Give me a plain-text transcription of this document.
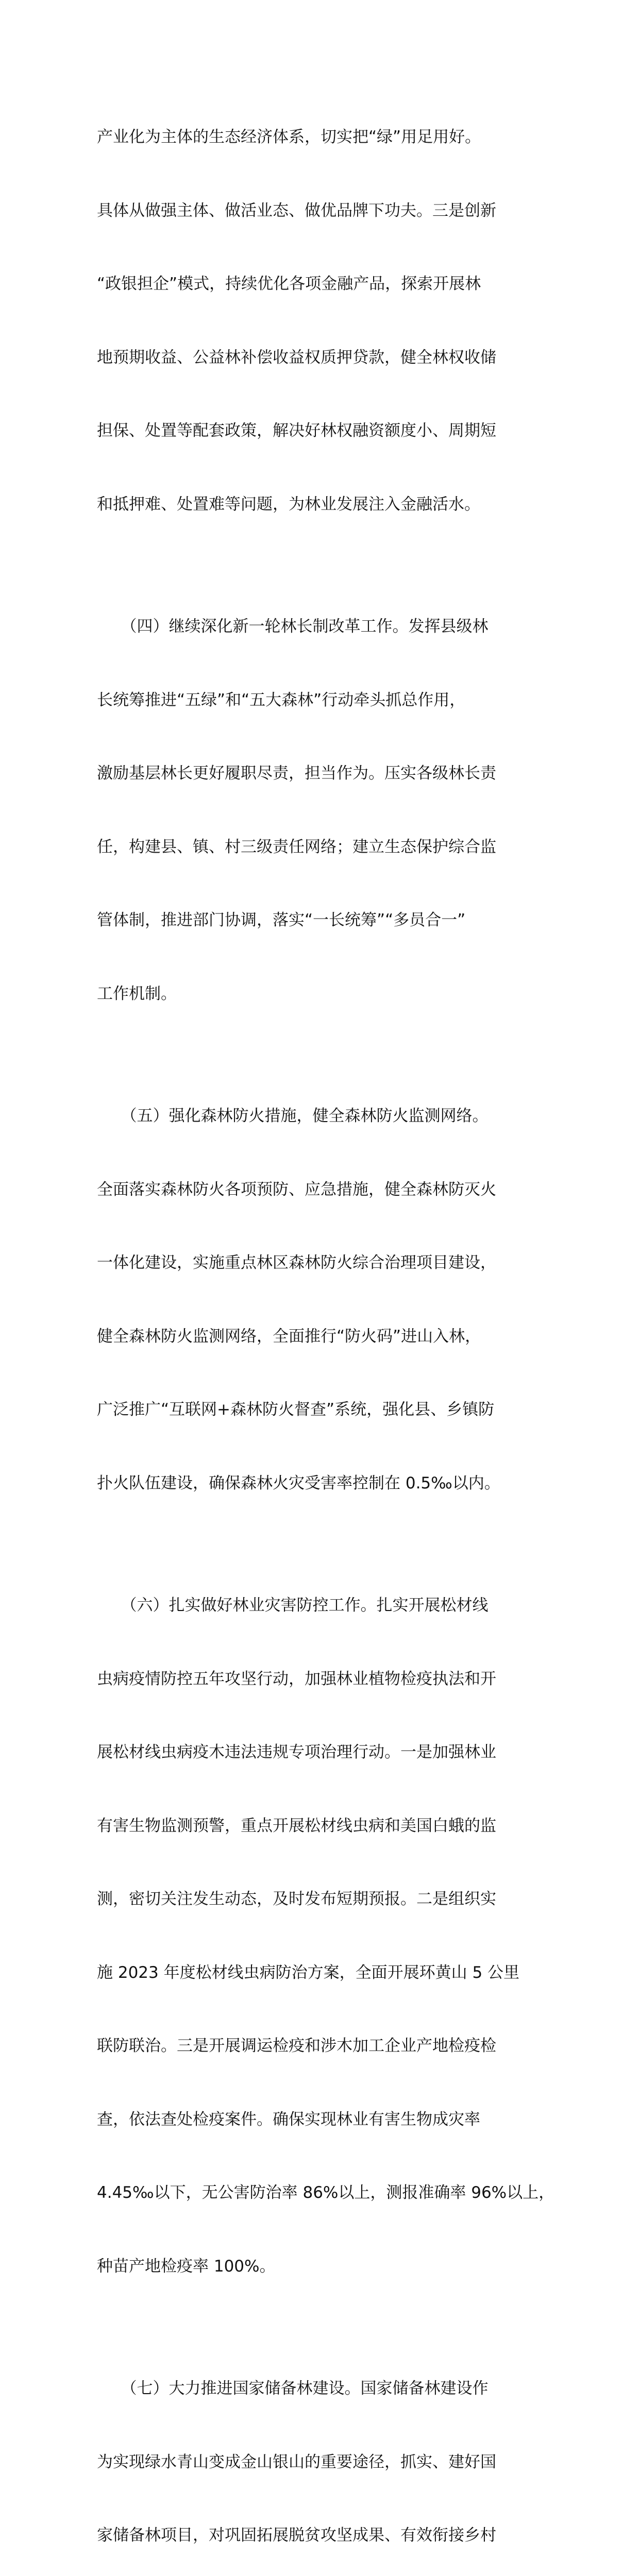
产业化为主体的生态经济体系，切实把“绿”用足用好。

具体从做强主体、做活业态、做优品牌下功夫。三是创新

“政银担企”模式，持续优化各项金融产品，探索开展林

地预期收益、公益林补偿收益权质押贷款，健全林权收储

担保、处置等配套政策，解决好林权融资额度小、周期短

和抵押难、处置难等问题，为林业发展注入金融活水。

　　（四）继续深化新一轮林长制改革工作。发挥县级林

长统筹推进“五绿”和“五大森林”行动牵头抓总作用，

激励基层林长更好履职尽责，担当作为。压实各级林长责

任，构建县、镇、村三级责任网络；建立生态保护综合监

管体制，推进部门协调，落实“一长统筹”“多员合一”

工作机制。

　　（五）强化森林防火措施，健全森林防火监测网络。

全面落实森林防火各项预防、应急措施，健全森林防灭火

一体化建设，实施重点林区森林防火综合治理项目建设，

健全森林防火监测网络，全面推行“防火码”进山入林，

广泛推广“互联网+森林防火督查”系统，强化县、乡镇防

扑火队伍建设，确保森林火灾受害率控制在 0.5‰以内。

　　（六）扎实做好林业灾害防控工作。扎实开展松材线

虫病疫情防控五年攻坚行动，加强林业植物检疫执法和开

展松材线虫病疫木违法违规专项治理行动。一是加强林业

有害生物监测预警，重点开展松材线虫病和美国白蛾的监

测，密切关注发生动态，及时发布短期预报。二是组织实

施 2023 年度松材线虫病防治方案，全面开展环黄山 5 公里

联防联治。三是开展调运检疫和涉木加工企业产地检疫检

查，依法查处检疫案件。确保实现林业有害生物成灾率

4.45‰以下，无公害防治率 86%以上，测报准确率 96%以上，

种苗产地检疫率 100%。

　　（七）大力推进国家储备林建设。国家储备林建设作

为实现绿水青山变成金山银山的重要途径，抓实、建好国

家储备林项目，对巩固拓展脱贫攻坚成果、有效衔接乡村
